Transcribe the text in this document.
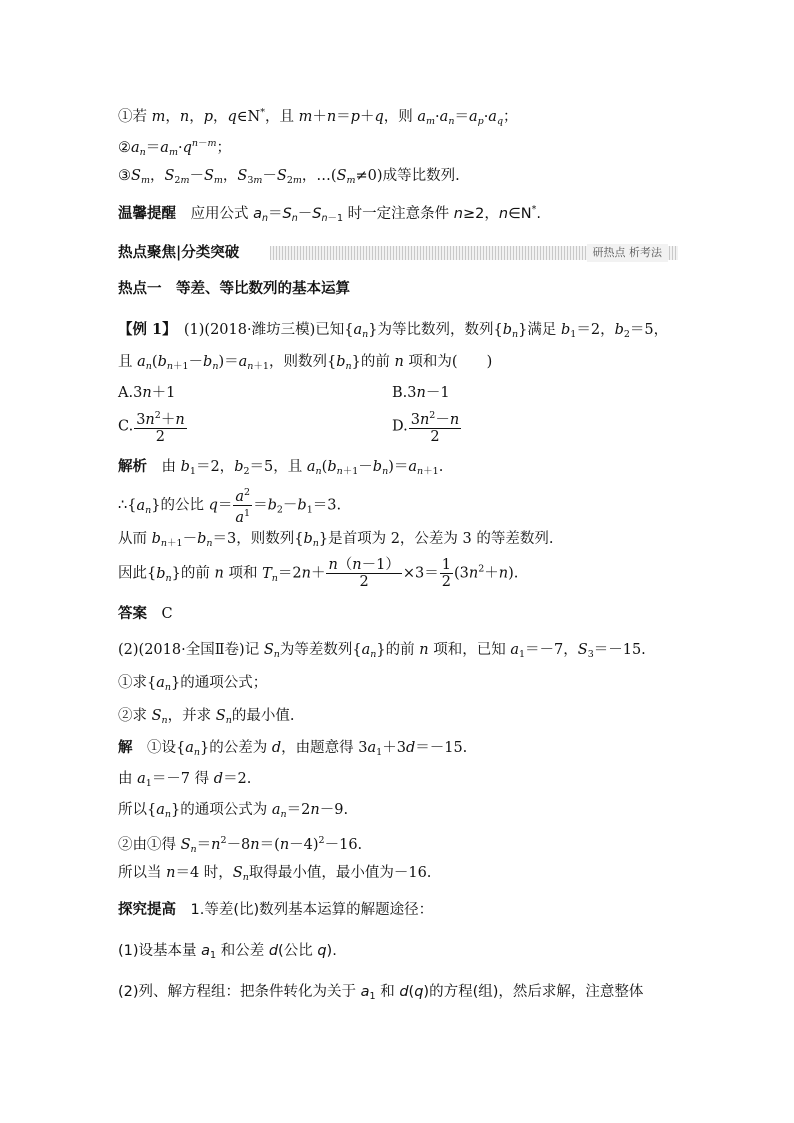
①若 m，n，p，q∈N*，且 m＋n＝p＋q，则 $a_m\cdot a_n=a_p\cdot a_q$；
$②a_n=a_m\cdot q^{n-m}$；
$③S_m$，$S_{2m}-S_m$，$S_{3m}-S_{2m}$，$\dots(S_m\ne 0)$成等比数列.
温馨提醒　应用公式 $a_n=S_n-S_{n-1}$ 时一定注意条件 n≥2，n∈N*.
热点聚焦|分类突破	研热点 析考法
热点一　等差、等比数列的基本运算
【例 1】　 (1)(2018·潍坊三模)已知$\{a_n\}$为等比数列，数列$\{b_n\}$满足 $b_1=2$，$b_2=5$，
且 $a_n(b_{n+1}-b_n)=a_{n+1}$，则数列$\{b_n\}$的前 n 项和为(　　)
A.3n＋1	B.3n－1
C. $\frac{3n^2+n}{2}$	D. $\frac{3n^2-n}{2}$
解析　由 $b_1=2$，$b_2=5$，且 $a_n(b_{n+1}-b_n)=a_{n+1}$.
$\therefore\{a_n\}$的公比 $q= \frac{a^2}{a^1} =b_2-b_1=3$.
从而 $b_{n+1}-b_n=3$，则数列$\{b_n\}$是首项为 2，公差为 3 的等差数列.
因此$\{b_n\}$的前 n 项和 $T_n=2n+ \frac{n(n-1)}{2} \times 3= \frac{1}{2} (3n^2+n)$.
答案　 C
(2)(2018·全国Ⅱ卷)记 $S_n$为等差数列$\{a_n\}$的前 n 项和，已知 $a_1=-7$，$S_3=-15$.
①求$\{a_n\}$的通项公式；
②求 $S_n$，并求 $S_n$的最小值.
解　①设$\{a_n\}$的公差为 d，由题意得 $3a_1+3d=-15$.
由 $a_1=-7$ 得 d＝2.
所以$\{a_n\}$的通项公式为 $a_n=2n-9$.
②由①得 $S_n=n^2-8n=(n-4)^2-16$.
所以当 n＝4 时，$S_n$取得最小值，最小值为－16.
探究提高　1.等差(比)数列基本运算的解题途径：
(1)设基本量 $a_1$ 和公差 d(公比 q).
(2)列、解方程组：把条件转化为关于 $a_1$ 和 d(q)的方程(组)，然后求解，注意整体
